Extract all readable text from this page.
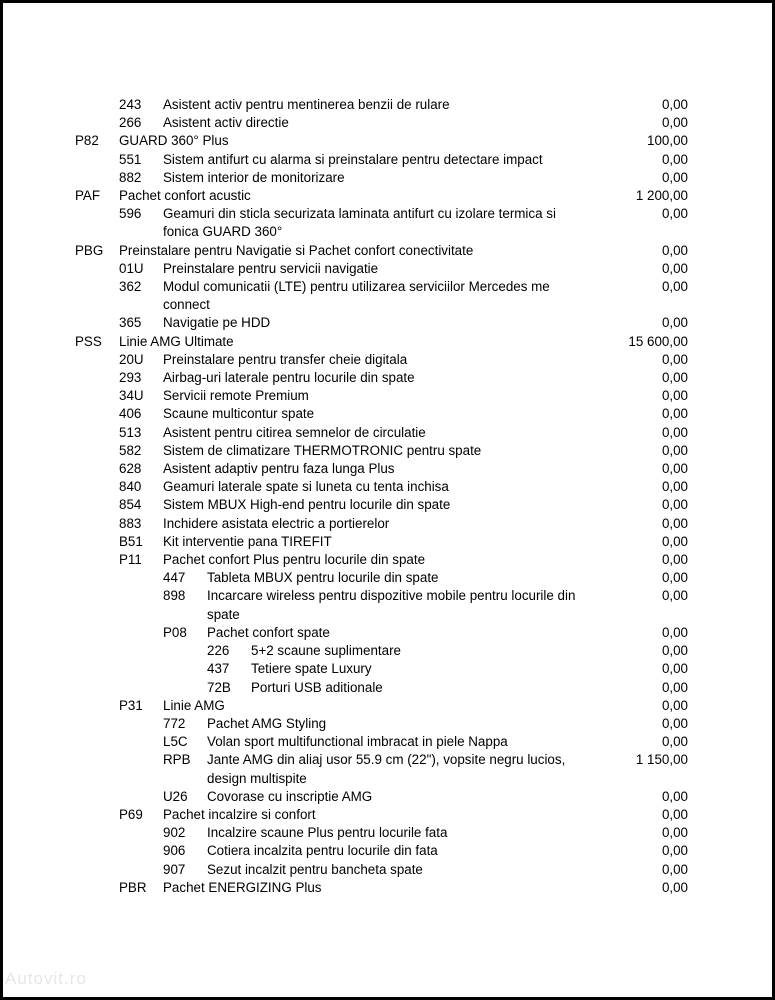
243 Asistent activ pentru mentinerea benzii de rulare	0,00
266 Asistent activ directie	0,00
P82 GUARD 360° Plus	100,00
551 Sistem antifurt cu alarma si preinstalare pentru detectare impact	0,00
882 Sistem interior de monitorizare	0,00
PAF Pachet confort acustic	1 200,00
596 Geamuri din sticla securizata laminata antifurt cu izolare termica si fonica GUARD 360°
0,00
PBG Preinstalare pentru Navigatie si Pachet confort conectivitate	0,00
01U Preinstalare pentru servicii navigatie	0,00
362 Modul comunicatii (LTE) pentru utilizarea serviciilor Mercedes me connect
0,00
365 Navigatie pe HDD	0,00
PSS Linie AMG Ultimate	15 600,00
20U Preinstalare pentru transfer cheie digitala	0,00
293 Airbag-uri laterale pentru locurile din spate	0,00
34U Servicii remote Premium	0,00
406 Scaune multicontur spate	0,00
513 Asistent pentru citirea semnelor de circulatie	0,00
582 Sistem de climatizare THERMOTRONIC pentru spate	0,00
628 Asistent adaptiv pentru faza lunga Plus	0,00
840 Geamuri laterale spate si luneta cu tenta inchisa	0,00
854 Sistem MBUX High-end pentru locurile din spate	0,00
883 Inchidere asistata electric a portierelor	0,00
B51 Kit interventie pana TIREFIT	0,00
P11 Pachet confort Plus pentru locurile din spate	0,00
447 Tableta MBUX pentru locurile din spate	0,00
898 Incarcare wireless pentru dispozitive mobile pentru locurile din spate
0,00
P08 Pachet confort spate	0,00
226 5+2 scaune suplimentare	0,00
437 Tetiere spate Luxury	0,00
72B Porturi USB aditionale	0,00
P31 Linie AMG	0,00
772 Pachet AMG Styling	0,00
L5C Volan sport multifunctional imbracat in piele Nappa	0,00
RPB Jante AMG din aliaj usor 55.9 cm (22"), vopsite negru lucios, design multispite
1 150,00
U26 Covorase cu inscriptie AMG	0,00
P69 Pachet incalzire si confort	0,00
902 Incalzire scaune Plus pentru locurile fata	0,00
906 Cotiera incalzita pentru locurile din fata	0,00
907 Sezut incalzit pentru bancheta spate	0,00
PBR Pachet ENERGIZING Plus	0,00
Autovit.ro
